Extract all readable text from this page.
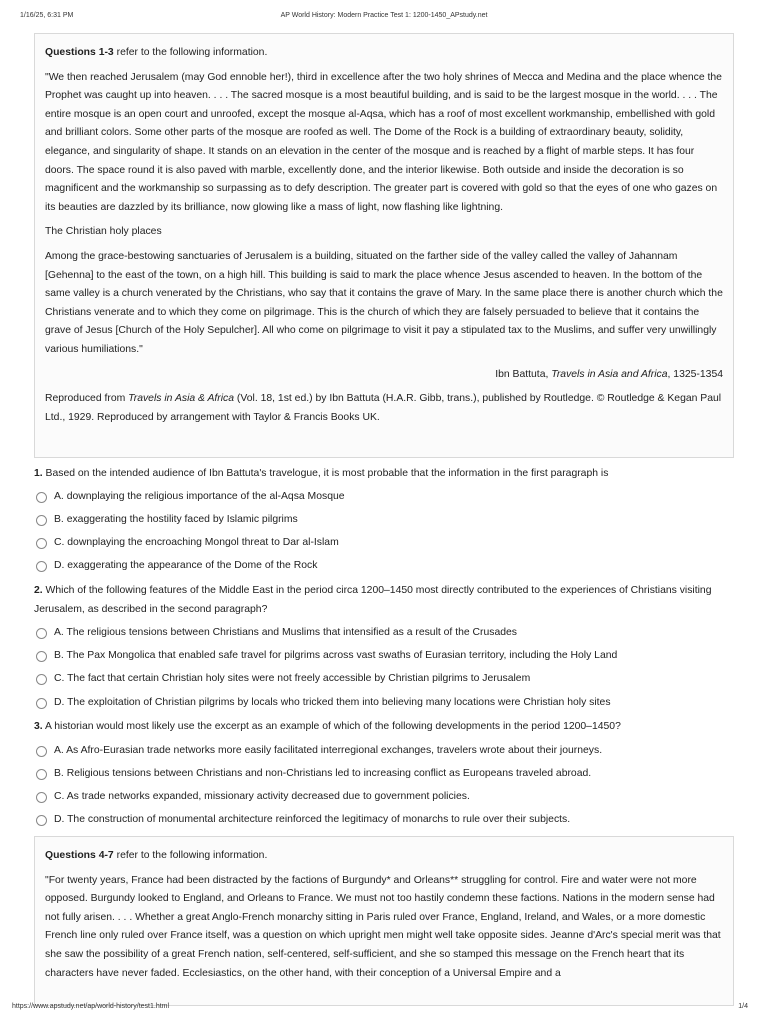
1/16/25, 6:31 PM	AP World History: Modern Practice Test 1: 1200-1450_APstudy.net

Questions 1-3 refer to the following information.

"We then reached Jerusalem (may God ennoble her!), third in excellence after the two holy shrines of Mecca and Medina and the place whence the Prophet was caught up into heaven. . . . The sacred mosque is a most beautiful building, and is said to be the largest mosque in the world. . . . The entire mosque is an open court and unroofed, except the mosque al-Aqsa, which has a roof of most excellent workmanship, embellished with gold and brilliant colors. Some other parts of the mosque are roofed as well. The Dome of the Rock is a building of extraordinary beauty, solidity, elegance, and singularity of shape. It stands on an elevation in the center of the mosque and is reached by a flight of marble steps. It has four doors. The space round it is also paved with marble, excellently done, and the interior likewise. Both outside and inside the decoration is so magnificent and the workmanship so surpassing as to defy description. The greater part is covered with gold so that the eyes of one who gazes on its beauties are dazzled by its brilliance, now glowing like a mass of light, now flashing like lightning.

The Christian holy places

Among the grace-bestowing sanctuaries of Jerusalem is a building, situated on the farther side of the valley called the valley of Jahannam [Gehenna] to the east of the town, on a high hill. This building is said to mark the place whence Jesus ascended to heaven. In the bottom of the same valley is a church venerated by the Christians, who say that it contains the grave of Mary. In the same place there is another church which the Christians venerate and to which they come on pilgrimage. This is the church of which they are falsely persuaded to believe that it contains the grave of Jesus [Church of the Holy Sepulcher]. All who come on pilgrimage to visit it pay a stipulated tax to the Muslims, and suffer very unwillingly various humiliations."

Ibn Battuta, Travels in Asia and Africa, 1325-1354

Reproduced from Travels in Asia & Africa (Vol. 18, 1st ed.) by Ibn Battuta (H.A.R. Gibb, trans.), published by Routledge. © Routledge & Kegan Paul Ltd., 1929. Reproduced by arrangement with Taylor & Francis Books UK.

1. Based on the intended audience of Ibn Battuta's travelogue, it is most probable that the information in the first paragraph is
A. downplaying the religious importance of the al-Aqsa Mosque
B. exaggerating the hostility faced by Islamic pilgrims
C. downplaying the encroaching Mongol threat to Dar al-Islam
D. exaggerating the appearance of the Dome of the Rock
2. Which of the following features of the Middle East in the period circa 1200–1450 most directly contributed to the experiences of Christians visiting Jerusalem, as described in the second paragraph?
A. The religious tensions between Christians and Muslims that intensified as a result of the Crusades
B. The Pax Mongolica that enabled safe travel for pilgrims across vast swaths of Eurasian territory, including the Holy Land
C. The fact that certain Christian holy sites were not freely accessible by Christian pilgrims to Jerusalem
D. The exploitation of Christian pilgrims by locals who tricked them into believing many locations were Christian holy sites
3. A historian would most likely use the excerpt as an example of which of the following developments in the period 1200–1450?
A. As Afro-Eurasian trade networks more easily facilitated interregional exchanges, travelers wrote about their journeys.
B. Religious tensions between Christians and non-Christians led to increasing conflict as Europeans traveled abroad.
C. As trade networks expanded, missionary activity decreased due to government policies.
D. The construction of monumental architecture reinforced the legitimacy of monarchs to rule over their subjects.

Questions 4-7 refer to the following information.

"For twenty years, France had been distracted by the factions of Burgundy* and Orleans** struggling for control. Fire and water were not more opposed. Burgundy looked to England, and Orleans to France. We must not too hastily condemn these factions. Nations in the modern sense had not fully arisen. . . . Whether a great Anglo-French monarchy sitting in Paris ruled over France, England, Ireland, and Wales, or a more domestic French line only ruled over France itself, was a question on which upright men might well take opposite sides. Jeanne d'Arc's special merit was that she saw the possibility of a great French nation, self-centered, self-sufficient, and she so stamped this message on the French heart that its characters have never faded. Ecclesiastics, on the other hand, with their conception of a Universal Empire and a

https://www.apstudy.net/ap/world-history/test1.html	1/4
